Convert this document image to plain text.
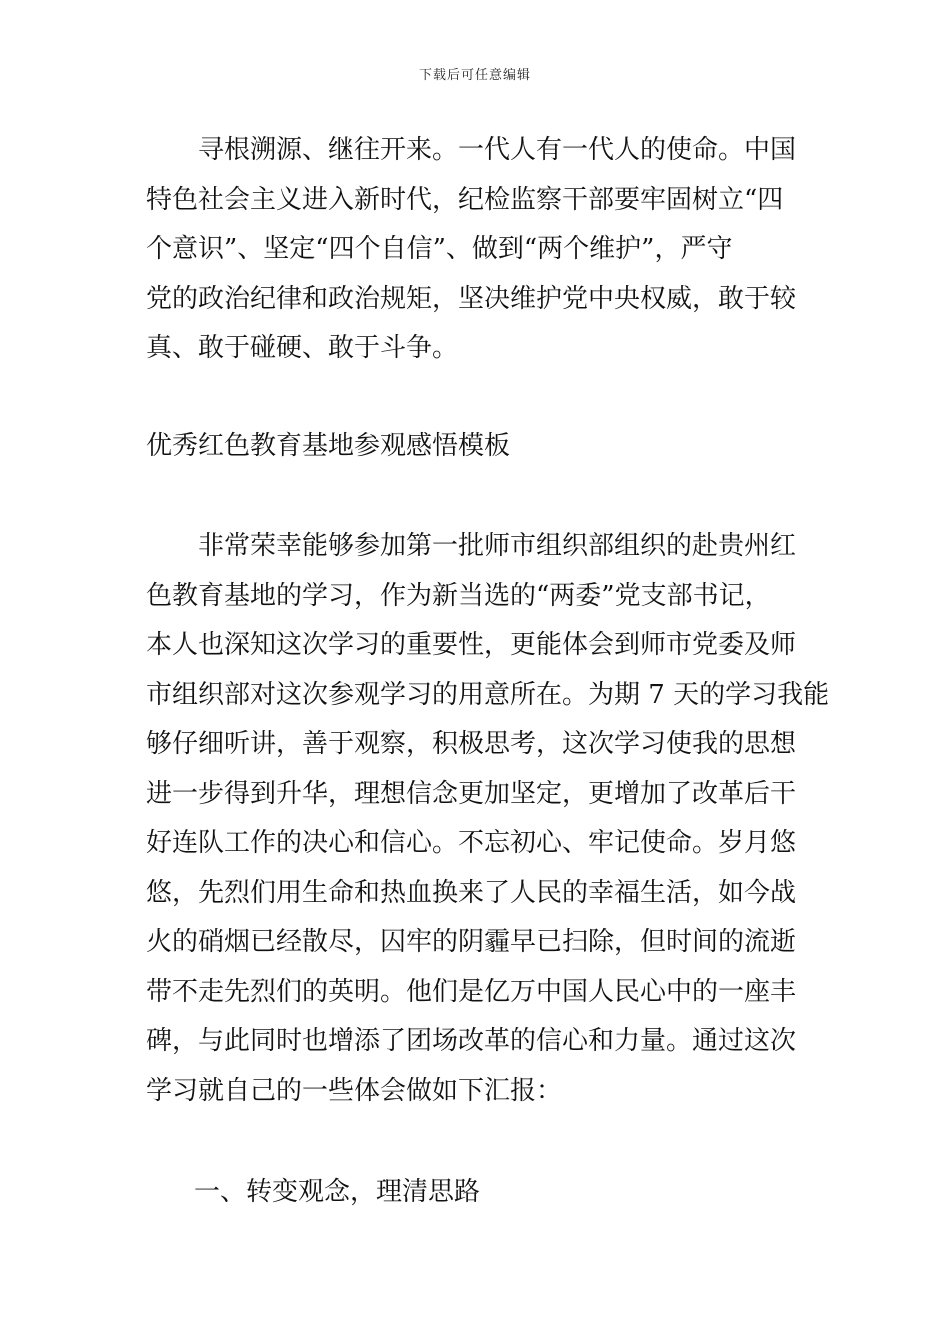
下载后可任意编辑
寻根溯源、继往开来。一代人有一代人的使命。中国
特色社会主义进入新时代，纪检监察干部要牢固树立“四
个意识”、坚定“四个自信”、做到“两个维护”，严守
党的政治纪律和政治规矩，坚决维护党中央权威，敢于较
真、敢于碰硬、敢于斗争。
优秀红色教育基地参观感悟模板
非常荣幸能够参加第一批师市组织部组织的赴贵州红
色教育基地的学习，作为新当选的“两委”党支部书记，
本人也深知这次学习的重要性，更能体会到师市党委及师
市组织部对这次参观学习的用意所在。为期 7 天的学习我能
够仔细听讲，善于观察，积极思考，这次学习使我的思想
进一步得到升华，理想信念更加坚定，更增加了改革后干
好连队工作的决心和信心。不忘初心、牢记使命。岁月悠
悠，先烈们用生命和热血换来了人民的幸福生活，如今战
火的硝烟已经散尽，囚牢的阴霾早已扫除，但时间的流逝
带不走先烈们的英明。他们是亿万中国人民心中的一座丰
碑，与此同时也增添了团场改革的信心和力量。通过这次
学习就自己的一些体会做如下汇报：
一、转变观念，理清思路
